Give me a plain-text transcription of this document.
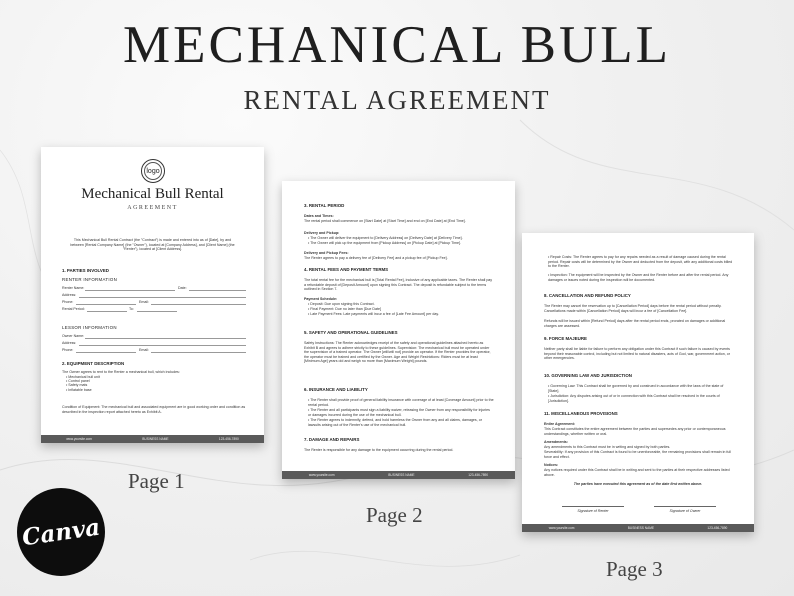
MECHANICAL BULL
RENTAL AGREEMENT
logo
Mechanical Bull Rental
AGREEMENT
This Mechanical Bull Rental Contract (the "Contract") is made and entered into as of [Date], by and between [Rental Company Name] (the "Owner"), located at [Company Address], and [Client Name] (the "Renter"), located at [Client Address].
1. PARTIES INVOLVED
RENTER INFORMATION
Renter Name:	Date:
Address:
Phone:	Email:
Rental Period:	To:
LESSOR INFORMATION
Owner Name:
Address:
Phone:	Email:
2. EQUIPMENT DESCRIPTION
The Owner agrees to rent to the Renter a mechanical bull, which includes:
• Mechanical bull unit
• Control panel
• Safety mats
• Inflatable base
Condition of Equipment: The mechanical bull and associated equipment are in good working order and condition as described in the inspection report attached hereto as Exhibit A.
www.yoursite.com	BUSINESS NAME	123-456-7890
3. RENTAL PERIOD
Dates and Times:
The rental period shall commence on [Start Date] at [Start Time] and end on [End Date] at [End Time].
Delivery and Pickup:
• The Owner will deliver the equipment to [Delivery Address] on [Delivery Date] at [Delivery Time].
• The Owner will pick up the equipment from [Pickup Address] on [Pickup Date] at [Pickup Time].
Delivery and Pickup Fees:
The Renter agrees to pay a delivery fee of [Delivery Fee] and a pickup fee of [Pickup Fee].
4. RENTAL FEES AND PAYMENT TERMS
The total rental fee for the mechanical bull is [Total Rental Fee], inclusive of any applicable taxes. The Renter shall pay a refundable deposit of [Deposit Amount] upon signing this Contract. The deposit is refundable subject to the terms outlined in Section 7.
Payment Schedule:
• Deposit: Due upon signing this Contract.
• Final Payment: Due no later than [Due Date]
• Late Payment Fees: Late payments will incur a fee of [Late Fee Amount] per day.
5. SAFETY AND OPERATIONAL GUIDELINES
Safety Instructions: The Renter acknowledges receipt of the safety and operational guidelines attached hereto as Exhibit B and agrees to adhere strictly to these guidelines. Supervision: The mechanical bull must be operated under the supervision of a trained operator. The Owner [will/will not] provide an operator. If the Renter provides the operator, the operator must be trained and certified by the Owner. Age and Weight Restrictions: Riders must be at least [Minimum Age] years old and weigh no more than [Maximum Weight] pounds.
6. INSURANCE AND LIABILITY
• The Renter shall provide proof of general liability insurance with coverage of at least [Coverage Amount] prior to the rental period.
• The Renter and all participants must sign a liability waiver, releasing the Owner from any responsibility for injuries or damages incurred during the use of the mechanical bull.
• The Renter agrees to indemnify, defend, and hold harmless the Owner from any and all claims, damages, or lawsuits arising out of the Renter's use of the mechanical bull.
7. DAMAGE AND REPAIRS
The Renter is responsible for any damage to the equipment occurring during the rental period.
www.yoursite.com	BUSINESS NAME	123-456-7890
• Repair Costs: The Renter agrees to pay for any repairs needed as a result of damage caused during the rental period. Repair costs will be determined by the Owner and deducted from the deposit, with any additional costs billed to the Renter.
• Inspection: The equipment will be inspected by the Owner and the Renter before and after the rental period. Any damages or issues noted during the inspection will be documented.
8. CANCELLATION AND REFUND POLICY
The Renter may cancel the reservation up to [Cancellation Period] days before the rental period without penalty. Cancellations made within [Cancellation Period] days will incur a fee of [Cancellation Fee].
Refunds will be issued within [Refund Period] days after the rental period ends, prorated on damages or additional charges are assessed.
9. FORCE MAJEURE
Neither party shall be liable for failure to perform any obligation under this Contract if such failure is caused by events beyond their reasonable control, including but not limited to natural disasters, acts of God, war, government action, or other emergencies.
10. GOVERNING LAW AND JURISDICTION
• Governing Law: This Contract shall be governed by and construed in accordance with the laws of the state of [State].
• Jurisdiction: Any disputes arising out of or in connection with this Contract shall be resolved in the courts of [Jurisdiction].
11. MISCELLANEOUS PROVISIONS
Entire Agreement:
This Contract constitutes the entire agreement between the parties and supersedes any prior or contemporaneous understandings, whether written or oral.
Amendments:
Any amendments to this Contract must be in writing and signed by both parties.
Severability: If any provision of this Contract is found to be unenforceable, the remaining provisions shall remain in full force and effect.
Notices:
Any notices required under this Contract shall be in writing and sent to the parties at their respective addresses listed above.
The parties have executed this agreement as of the date first written above.
Signature of Renter	Signature of Owner
www.yoursite.com	BUSINESS NAME	123-456-7890
Page 1
Page 2
Page 3
Canva
